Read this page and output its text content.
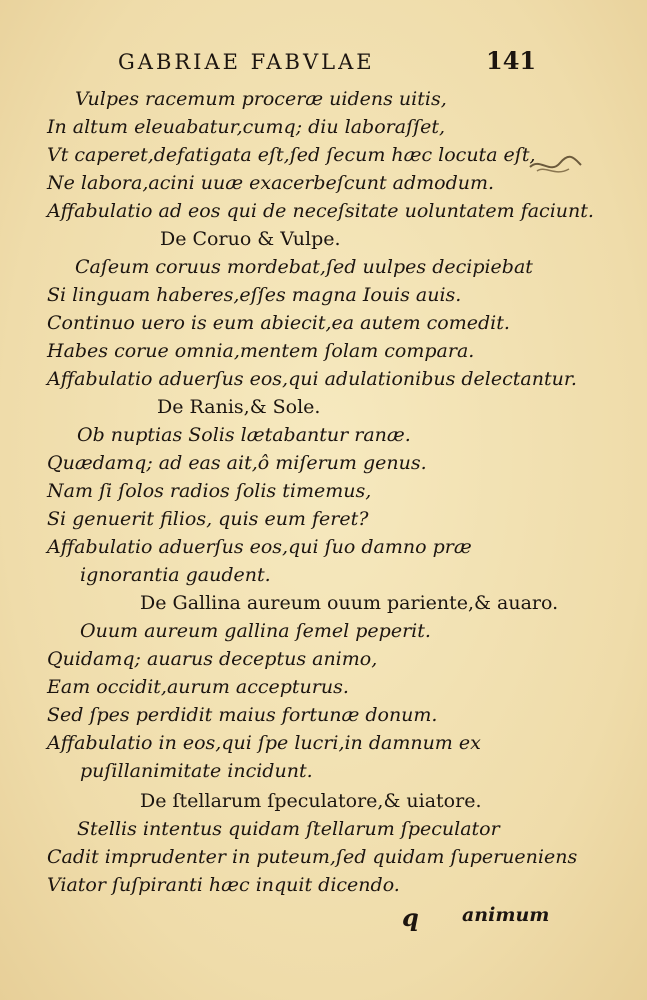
GABRIAE FABVLAE	141
Vulpes racemum proceræ uidens uitis,
In altum eleuabatur,cumq; diu laboraſſet,
Vt caperet,defatigata eſt,ſed ſecum hæc locuta eſt,
Ne labora,acini uuæ exacerbeſcunt admodum.
Affabulatio ad eos qui de neceſsitate uoluntatem faciunt.
De Coruo & Vulpe.
Caſeum coruus mordebat,ſed uulpes decipiebat
Si linguam haberes,eſſes magna Iouis auis.
Continuo uero is eum abiecit,ea autem comedit.
Habes corue omnia,mentem ſolam compara.
Affabulatio aduerſus eos,qui adulationibus delectantur.
De Ranis,& Sole.
Ob nuptias Solis lætabantur ranæ.
Quædamq; ad eas ait,ô miſerum genus.
Nam ſi ſolos radios ſolis timemus,
Si genuerit filios, quis eum feret?
Affabulatio aduerſus eos,qui ſuo damno præ
ignorantia gaudent.
De Gallina aureum ouum pariente,& auaro.
Ouum aureum gallina ſemel peperit.
Quidamq; auarus deceptus animo,
Eam occidit,aurum accepturus.
Sed ſpes perdidit maius fortunæ donum.
Affabulatio in eos,qui ſpe lucri,in damnum ex
puſillanimitate incidunt.
De ſtellarum ſpeculatore,& uiatore.
Stellis intentus quidam ſtellarum ſpeculator
Cadit imprudenter in puteum,ſed quidam ſuperueniens
Viator ſuſpiranti hæc inquit dicendo.
q animum
